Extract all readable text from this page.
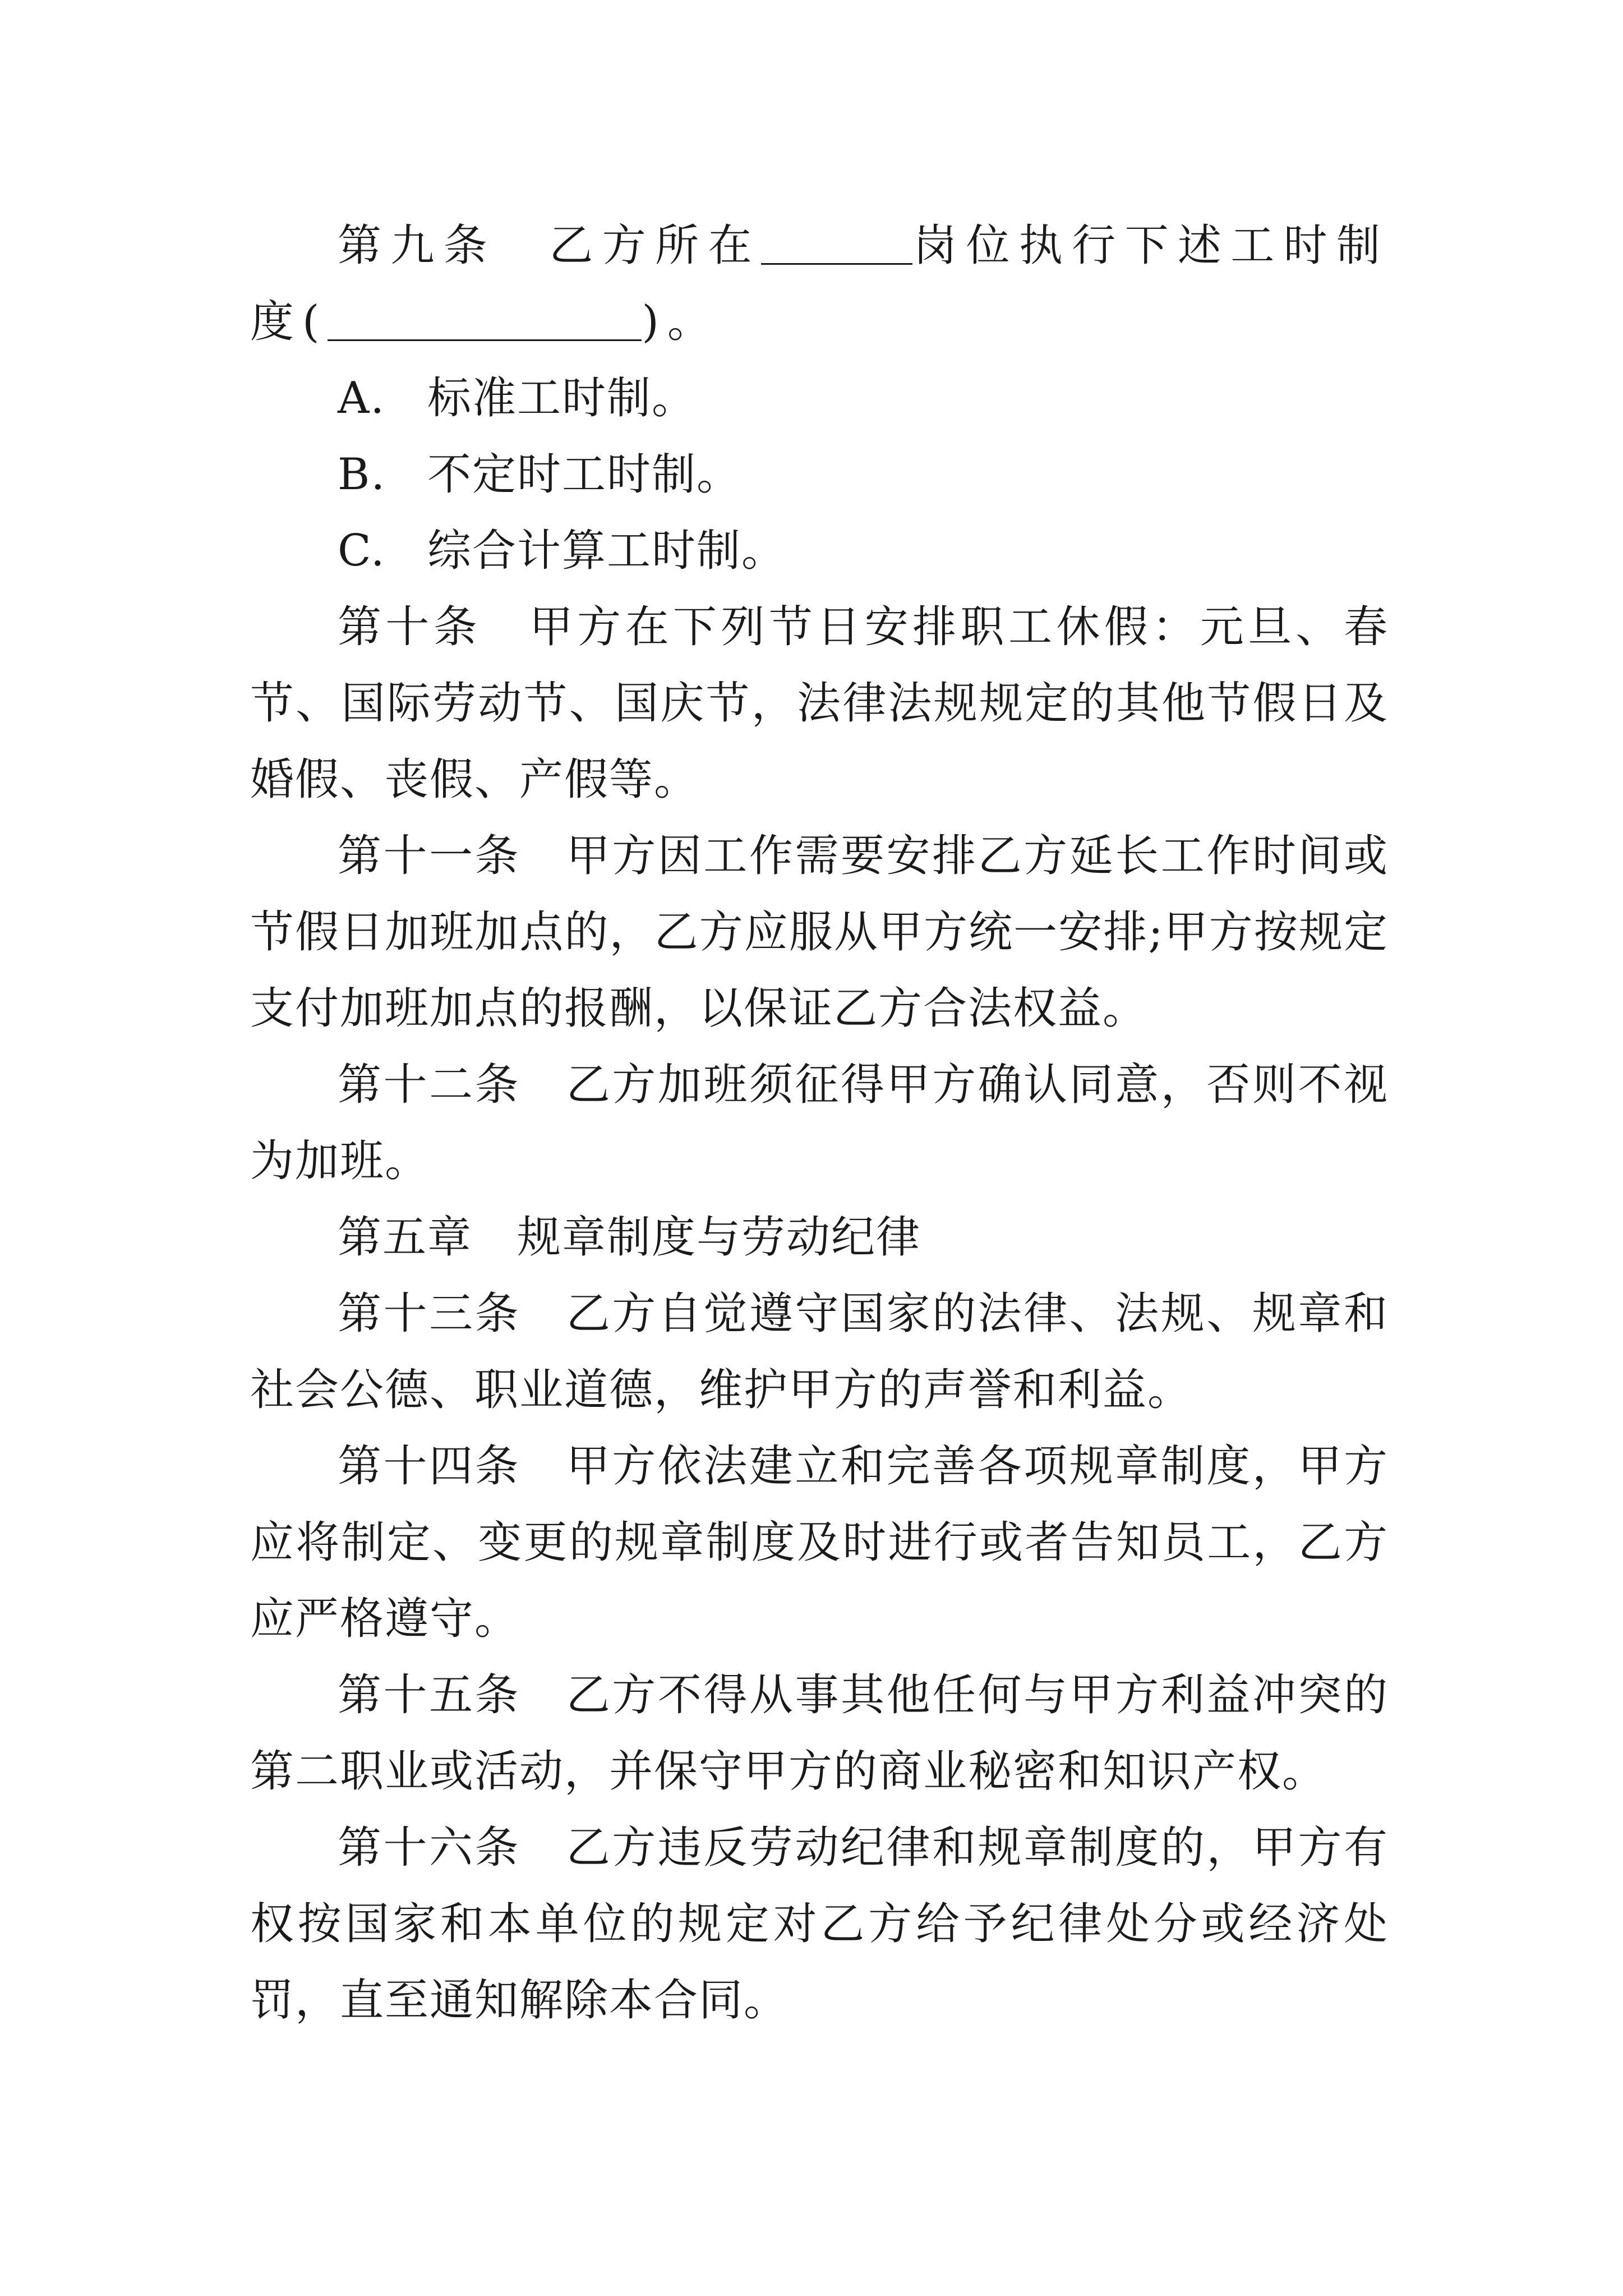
第九条　 乙方所在	岗位执行下述工时制度(	)。

A. 标准工时制。
B. 不定时工时制。
C. 综合计算工时制。

第十条　 甲方在下列节日安排职工休假：元旦、春节、国际劳动节、国庆节，法律法规规定的其他节假日及婚假、丧假、产假等。

第十一条　 甲方因工作需要安排乙方延长工作时间或节假日加班加点的，乙方应服从甲方统一安排;甲方按规定支付加班加点的报酬，以保证乙方合法权益。

第十二条　 乙方加班须征得甲方确认同意，否则不视为加班。

第五章　 规章制度与劳动纪律

第十三条　 乙方自觉遵守国家的法律、法规、规章和社会公德、职业道德，维护甲方的声誉和利益。

第十四条　 甲方依法建立和完善各项规章制度，甲方应将制定、变更的规章制度及时进行或者告知员工，乙方应严格遵守。

第十五条　 乙方不得从事其他任何与甲方利益冲突的第二职业或活动，并保守甲方的商业秘密和知识产权。

第十六条　 乙方违反劳动纪律和规章制度的，甲方有权按国家和本单位的规定对乙方给予纪律处分或经济处罚，直至通知解除本合同。
